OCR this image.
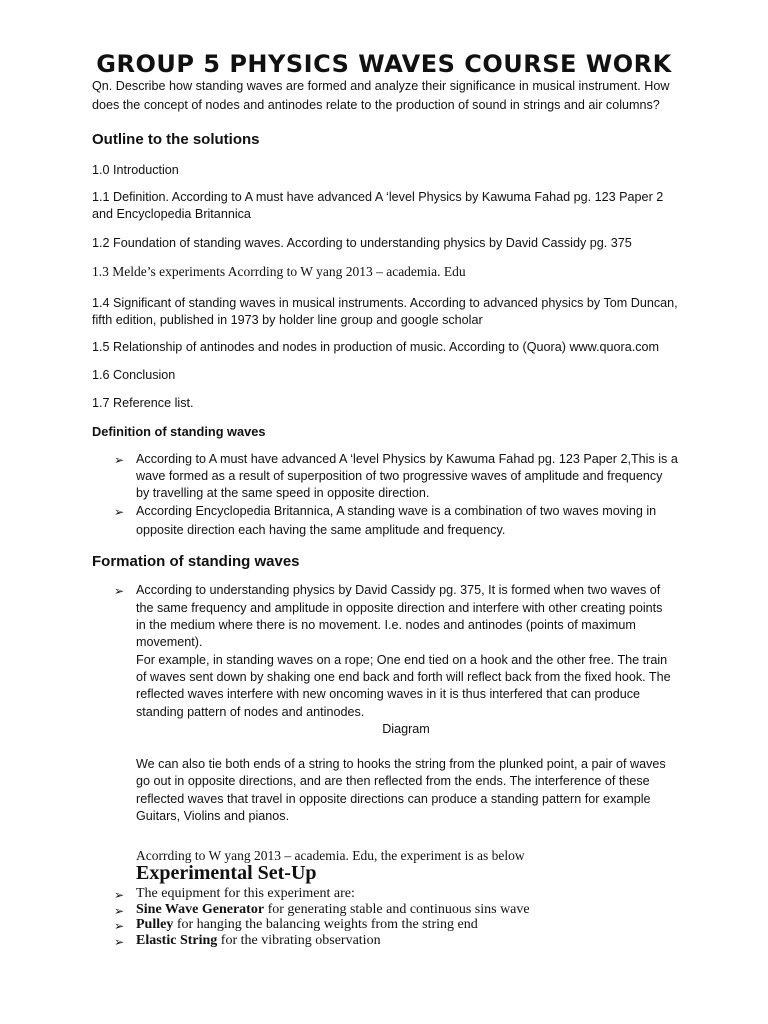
GROUP 5 PHYSICS WAVES COURSE WORK

Qn. Describe how standing waves are formed and analyze their significance in musical instrument. How

does the concept of nodes and antinodes relate to the production of sound in strings and air columns?

Outline to the solutions

1.0 Introduction

1.1 Definition. According to A must have advanced A ‘level Physics by Kawuma Fahad pg. 123 Paper 2

and Encyclopedia Britannica

1.2 Foundation of standing waves. According to understanding physics by David Cassidy pg. 375

1.3 Melde’s experiments Acorrding to W yang 2013 – academia. Edu

1.4 Significant of standing waves in musical instruments. According to advanced physics by Tom Duncan,

fifth edition, published in 1973 by holder line group and google scholar

1.5 Relationship of antinodes and nodes in production of music. According to (Quora) www.quora.com

1.6 Conclusion

1.7 Reference list.

Definition of standing waves
➢ According to A must have advanced A ‘level Physics by Kawuma Fahad pg. 123 Paper 2,This is a

wave formed as a result of superposition of two progressive waves of amplitude and frequency

by travelling at the same speed in opposite direction.

➢ According Encyclopedia Britannica, A standing wave is a combination of two waves moving in

opposite direction each having the same amplitude and frequency.

Formation of standing waves
➢ According to understanding physics by David Cassidy pg. 375, It is formed when two waves of

the same frequency and amplitude in opposite direction and interfere with other creating points

in the medium where there is no movement. I.e. nodes and antinodes (points of maximum

movement).

For example, in standing waves on a rope; One end tied on a hook and the other free. The train

of waves sent down by shaking one end back and forth will reflect back from the fixed hook. The

reflected waves interfere with new oncoming waves in it is thus interfered that can produce

standing pattern of nodes and antinodes.

Diagram

We can also tie both ends of a string to hooks the string from the plunked point, a pair of waves

go out in opposite directions, and are then reflected from the ends. The interference of these

reflected waves that travel in opposite directions can produce a standing pattern for example

Guitars, Violins and pianos.

Acorrding to W yang 2013 – academia. Edu, the experiment is as below

Experimental Set-Up
➢ The equipment for this experiment are:

➢ Sine Wave Generator for generating stable and continuous sins wave

➢ Pulley for hanging the balancing weights from the string end

➢ Elastic String for the vibrating observation
